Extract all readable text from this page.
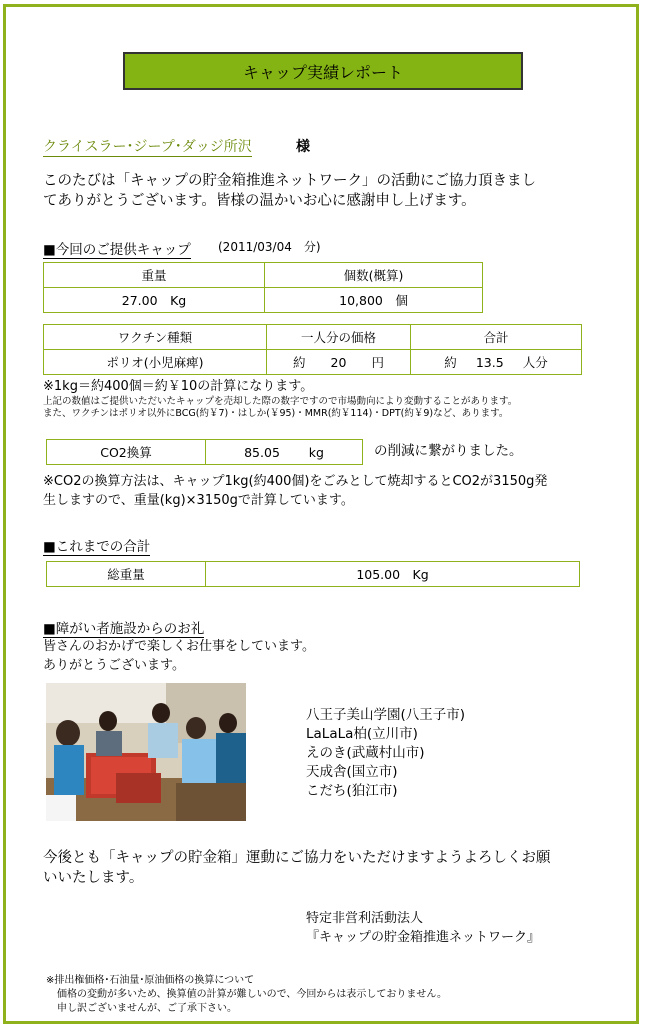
キャップ実績レポート
クライスラー･ジープ･ダッジ所沢	様
このたびは「キャップの貯金箱推進ネットワーク」の活動にご協力頂きまし
てありがとうございます。皆様の温かいお心に感謝申し上げます。
■今回のご提供キャップ (2011/03/04　分)
重量	個数(概算)
27.00　Kg	10,800　個
ワクチン種類	一人分の価格	合計
ポリオ(小児麻痺)	約 20 円	約 13.5 人分
※1kg＝約400個＝約￥10の計算になります。
上記の数値はご提供いただいたキャップを売却した際の数字ですので市場動向により変動することがあります。
また、ワクチンはポリオ以外にBCG(約￥7)・はしか(￥95)・MMR(約￥114)・DPT(約￥9)など、あります。
CO2換算	85.05 kg	の削減に繋がりました。
※CO2の換算方法は、キャップ1kg(約400個)をごみとして焼却するとCO2が3150g発
生しますので、重量(kg)×3150gで計算しています。
■これまでの合計
総重量	105.00　Kg
■障がい者施設からのお礼
皆さんのおかげで楽しくお仕事をしています。
ありがとうございます。
八王子美山学園(八王子市)
LaLaLa柏(立川市)
えのき(武蔵村山市)
天成舎(国立市)
こだち(狛江市)
今後とも「キャップの貯金箱」運動にご協力をいただけますようよろしくお願
いいたします。
特定非営利活動法人
『キャップの貯金箱推進ネットワーク』
※排出権価格･石油量･原油価格の換算について
価格の変動が多いため、換算値の計算が難しいので、今回からは表示しておりません。
申し訳ございませんが、ご了承下さい。
